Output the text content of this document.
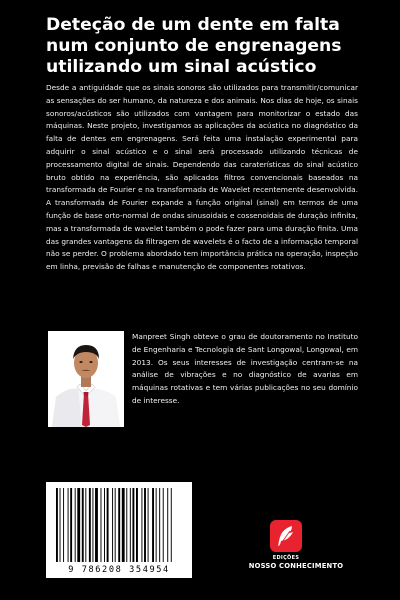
Deteção de um dente em falta num conjunto de engrenagens utilizando um sinal acústico

Desde a antiguidade que os sinais sonoros são utilizados para transmitir/comunicar as sensações do ser humano, da natureza e dos animais. Nos dias de hoje, os sinais sonoros/acústicos são utilizados com vantagem para monitorizar o estado das máquinas. Neste projeto, investigamos as aplicações da acústica no diagnóstico da falta de dentes em engrenagens. Será feita uma instalação experimental para adquirir o sinal acústico e o sinal será processado utilizando técnicas de processamento digital de sinais. Dependendo das caraterísticas do sinal acústico bruto obtido na experiência, são aplicados filtros convencionais baseados na transformada de Fourier e na transformada de Wavelet recentemente desenvolvida. A transformada de Fourier expande a função original (sinal) em termos de uma função de base orto-normal de ondas sinusoidais e cossenoidais de duração infinita, mas a transformada de wavelet também o pode fazer para uma duração finita. Uma das grandes vantagens da filtragem de wavelets é o facto de a informação temporal não se perder. O problema abordado tem importância prática na operação, inspeção em linha, previsão de falhas e manutenção de componentes rotativos.

Manpreet Singh obteve o grau de doutoramento no Instituto de Engenharia e Tecnologia de Sant Longowal, Longowal, em 2013. Os seus interesses de investigação centram-se na análise de vibrações e no diagnóstico de avarias em máquinas rotativas e tem várias publicações no seu domínio de interesse.

9 786208 354954
EDIÇÕES
NOSSO CONHECIMENTO
